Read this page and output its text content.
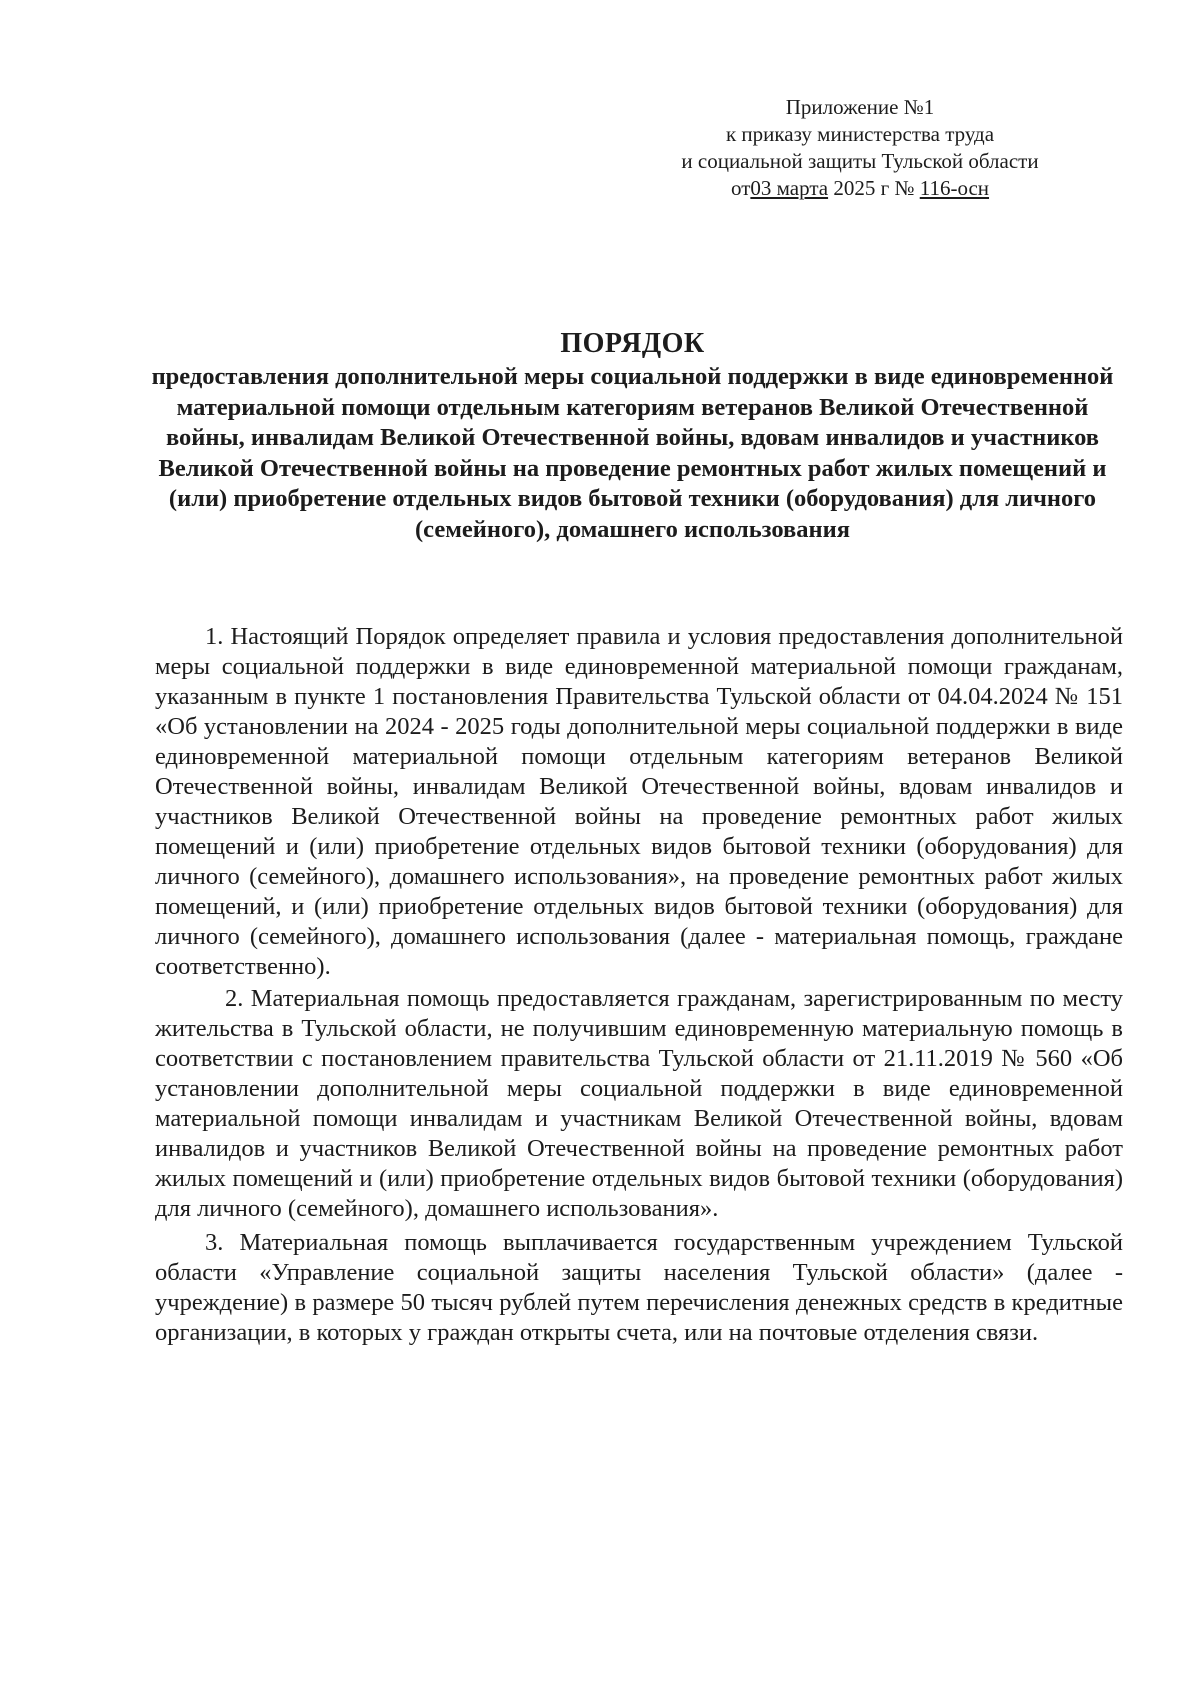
Приложение №1
к приказу министерства труда
и социальной защиты Тульской области
от03 марта 2025 г № 116-осн
ПОРЯДОК
предоставления дополнительной меры социальной поддержки в виде единовременной материальной помощи отдельным категориям ветеранов Великой Отечественной войны, инвалидам Великой Отечественной войны, вдовам инвалидов и участников Великой Отечественной войны на проведение ремонтных работ жилых помещений и (или) приобретение отдельных видов бытовой техники (оборудования) для личного (семейного), домашнего использования

1. Настоящий Порядок определяет правила и условия предоставления дополнительной меры социальной поддержки в виде единовременной материальной помощи гражданам, указанным в пункте 1 постановления Правительства Тульской области от 04.04.2024 № 151 «Об установлении на 2024 - 2025 годы дополнительной меры социальной поддержки в виде единовременной материальной помощи отдельным категориям ветеранов Великой Отечественной войны, инвалидам Великой Отечественной войны, вдовам инвалидов и участников Великой Отечественной войны на проведение ремонтных работ жилых помещений и (или) приобретение отдельных видов бытовой техники (оборудования) для личного (семейного), домашнего использования», на проведение ремонтных работ жилых помещений, и (или) приобретение отдельных видов бытовой техники (оборудования) для личного (семейного), домашнего использования (далее - материальная помощь, граждане соответственно).

2. Материальная помощь предоставляется гражданам, зарегистрированным по месту жительства в Тульской области, не получившим единовременную материальную помощь в соответствии с постановлением правительства Тульской области от 21.11.2019 № 560 «Об установлении дополнительной меры социальной поддержки в виде единовременной материальной помощи инвалидам и участникам Великой Отечественной войны, вдовам инвалидов и участников Великой Отечественной войны на проведение ремонтных работ жилых помещений и (или) приобретение отдельных видов бытовой техники (оборудования) для личного (семейного), домашнего использования».

3. Материальная помощь выплачивается государственным учреждением Тульской области «Управление социальной защиты населения Тульской области» (далее - учреждение) в размере 50 тысяч рублей путем перечисления денежных средств в кредитные организации, в которых у граждан открыты счета, или на почтовые отделения связи.
